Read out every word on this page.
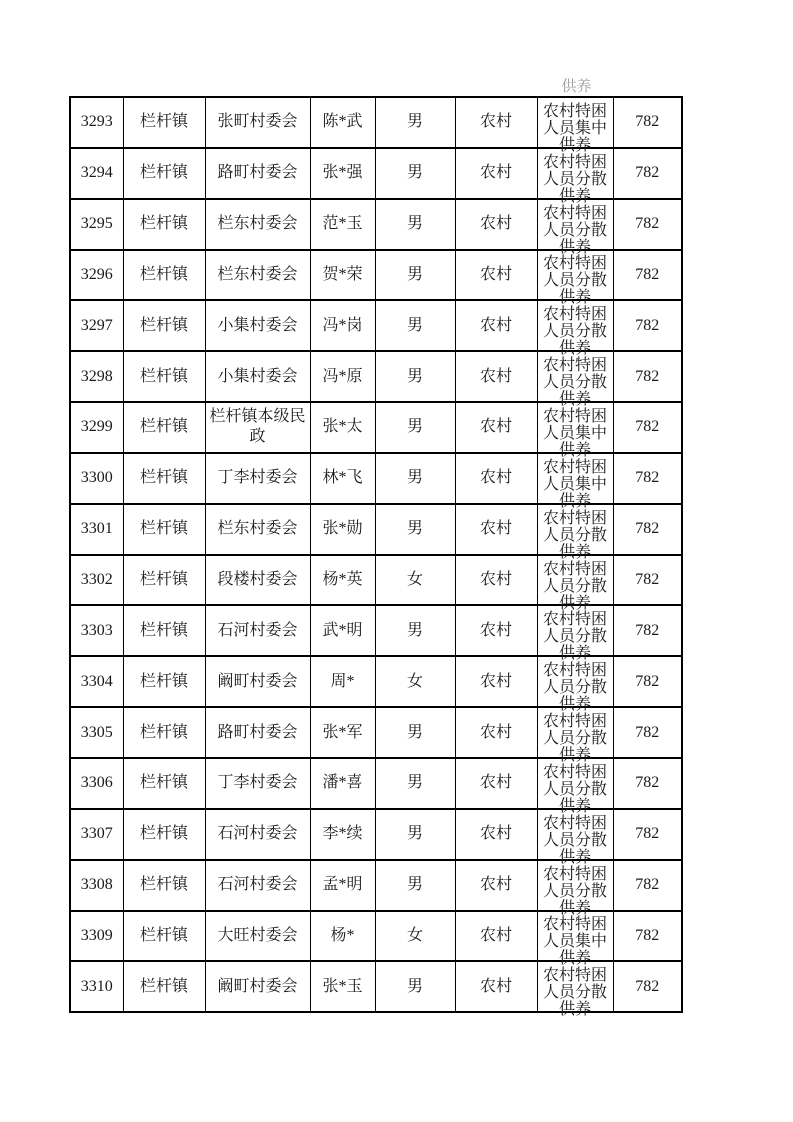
供养
3293	栏杆镇	张町村委会	陈*武	男	农村	农村特困人员集中供养	782
3294	栏杆镇	路町村委会	张*强	男	农村	农村特困人员分散供养	782
3295	栏杆镇	栏东村委会	范*玉	男	农村	农村特困人员分散供养	782
3296	栏杆镇	栏东村委会	贺*荣	男	农村	农村特困人员分散供养	782
3297	栏杆镇	小集村委会	冯*岗	男	农村	农村特困人员分散供养	782
3298	栏杆镇	小集村委会	冯*原	男	农村	农村特困人员分散供养	782
3299	栏杆镇	栏杆镇本级民政	张*太	男	农村	农村特困人员集中供养	782
3300	栏杆镇	丁李村委会	林*飞	男	农村	农村特困人员集中供养	782
3301	栏杆镇	栏东村委会	张*勋	男	农村	农村特困人员分散供养	782
3302	栏杆镇	段楼村委会	杨*英	女	农村	农村特困人员分散供养	782
3303	栏杆镇	石河村委会	武*明	男	农村	农村特困人员分散供养	782
3304	栏杆镇	阚町村委会	周*	女	农村	农村特困人员分散供养	782
3305	栏杆镇	路町村委会	张*军	男	农村	农村特困人员分散供养	782
3306	栏杆镇	丁李村委会	潘*喜	男	农村	农村特困人员分散供养	782
3307	栏杆镇	石河村委会	李*续	男	农村	农村特困人员分散供养	782
3308	栏杆镇	石河村委会	孟*明	男	农村	农村特困人员分散供养	782
3309	栏杆镇	大旺村委会	杨*	女	农村	农村特困人员集中供养	782
3310	栏杆镇	阚町村委会	张*玉	男	农村	农村特困人员分散供养	782
